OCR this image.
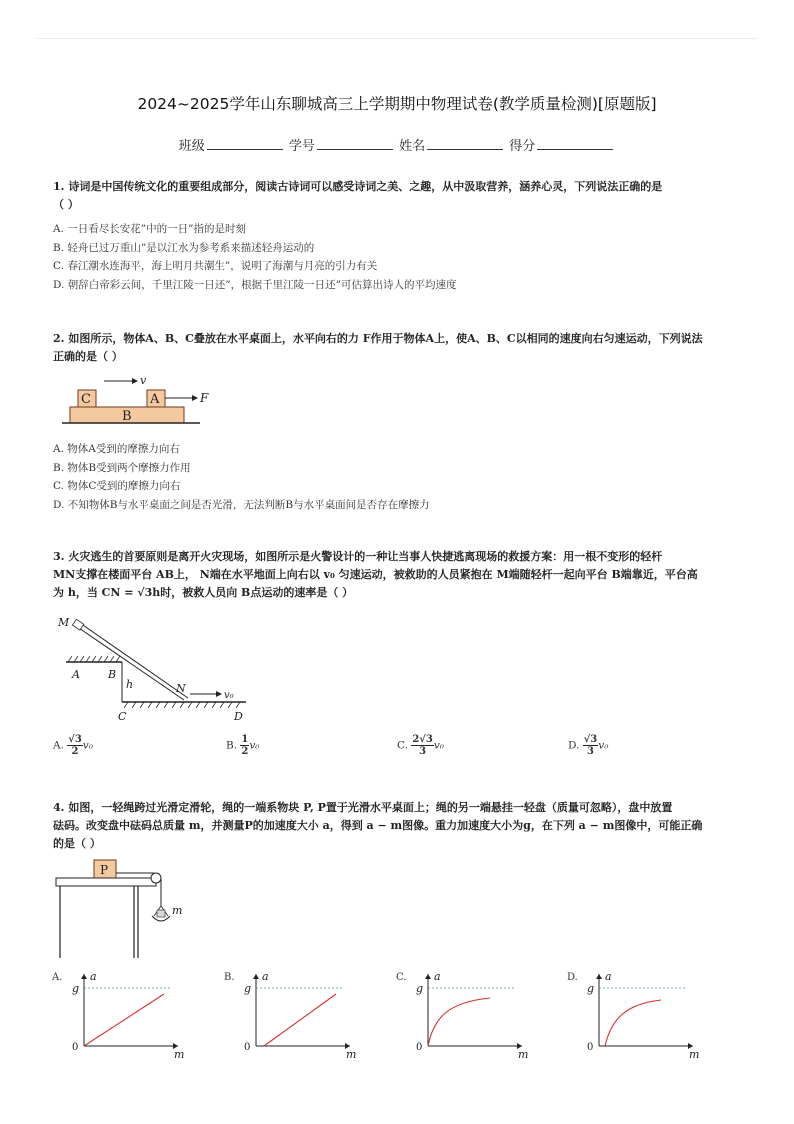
2024~2025学年山东聊城高三上学期期中物理试卷(教学质量检测)[原题版]
班级	学号	姓名	得分
1. 诗词是中国传统文化的重要组成部分，阅读古诗词可以感受诗词之美、之趣，从中汲取营养，涵养心灵，下列说法正确的是
（ ）
A. 一日看尽长安花”中的一日”指的是时刻
B. 轻舟已过万重山”是以江水为参考系来描述轻舟运动的
C. 春江潮水连海平，海上明月共潮生”，说明了海潮与月亮的引力有关
D. 朝辞白帝彩云间，千里江陵一日还”，根据千里江陵一日还”可估算出诗人的平均速度
2. 如图所示，物体A、B、C叠放在水平桌面上，水平向右的力 F作用于物体A上，使A、B、C以相同的速度向右匀速运动，下列说法
正确的是（ ）
C	A
B
v
F
A. 物体A受到的摩擦力向右
B. 物体B受到两个摩擦力作用
C. 物体C受到的摩擦力向右
D. 不知物体B与水平桌面之间是否光滑，无法判断B与水平桌面间是否存在摩擦力
3. 火灾逃生的首要原则是离开火灾现场，如图所示是火警设计的一种让当事人快捷逃离现场的救援方案：用一根不变形的轻杆
MN支撑在楼面平台 AB上， N端在水平地面上向右以 v₀ 匀速运动，被救助的人员紧抱在 M端随轻杆一起向平台 B端靠近，平台高
为 h，当 CN = √3h时，被救人员向 B点运动的速率是（ ）
M
A	B
h	N
v₀
C	D
A. $\frac{√3}{2} v_0$	B. $\frac{1}{2} v_0$	C. $\frac{2√3}{3} v_0$	D. $\frac{√3}{3} v_0$
4. 如图，一轻绳跨过光滑定滑轮，绳的一端系物块 P, P置于光滑水平桌面上；绳的另一端悬挂一轻盘（质量可忽略），盘中放置
砝码。改变盘中砝码总质量 m，并测量P的加速度大小 a，得到 a − m图像。重力加速度大小为g，在下列 a − m图像中，可能正确
的是（ ）
P
m
A.	a
m
0
g
B. a
m
0
g
C.	a
m
0
g
D. a
m
0
g
